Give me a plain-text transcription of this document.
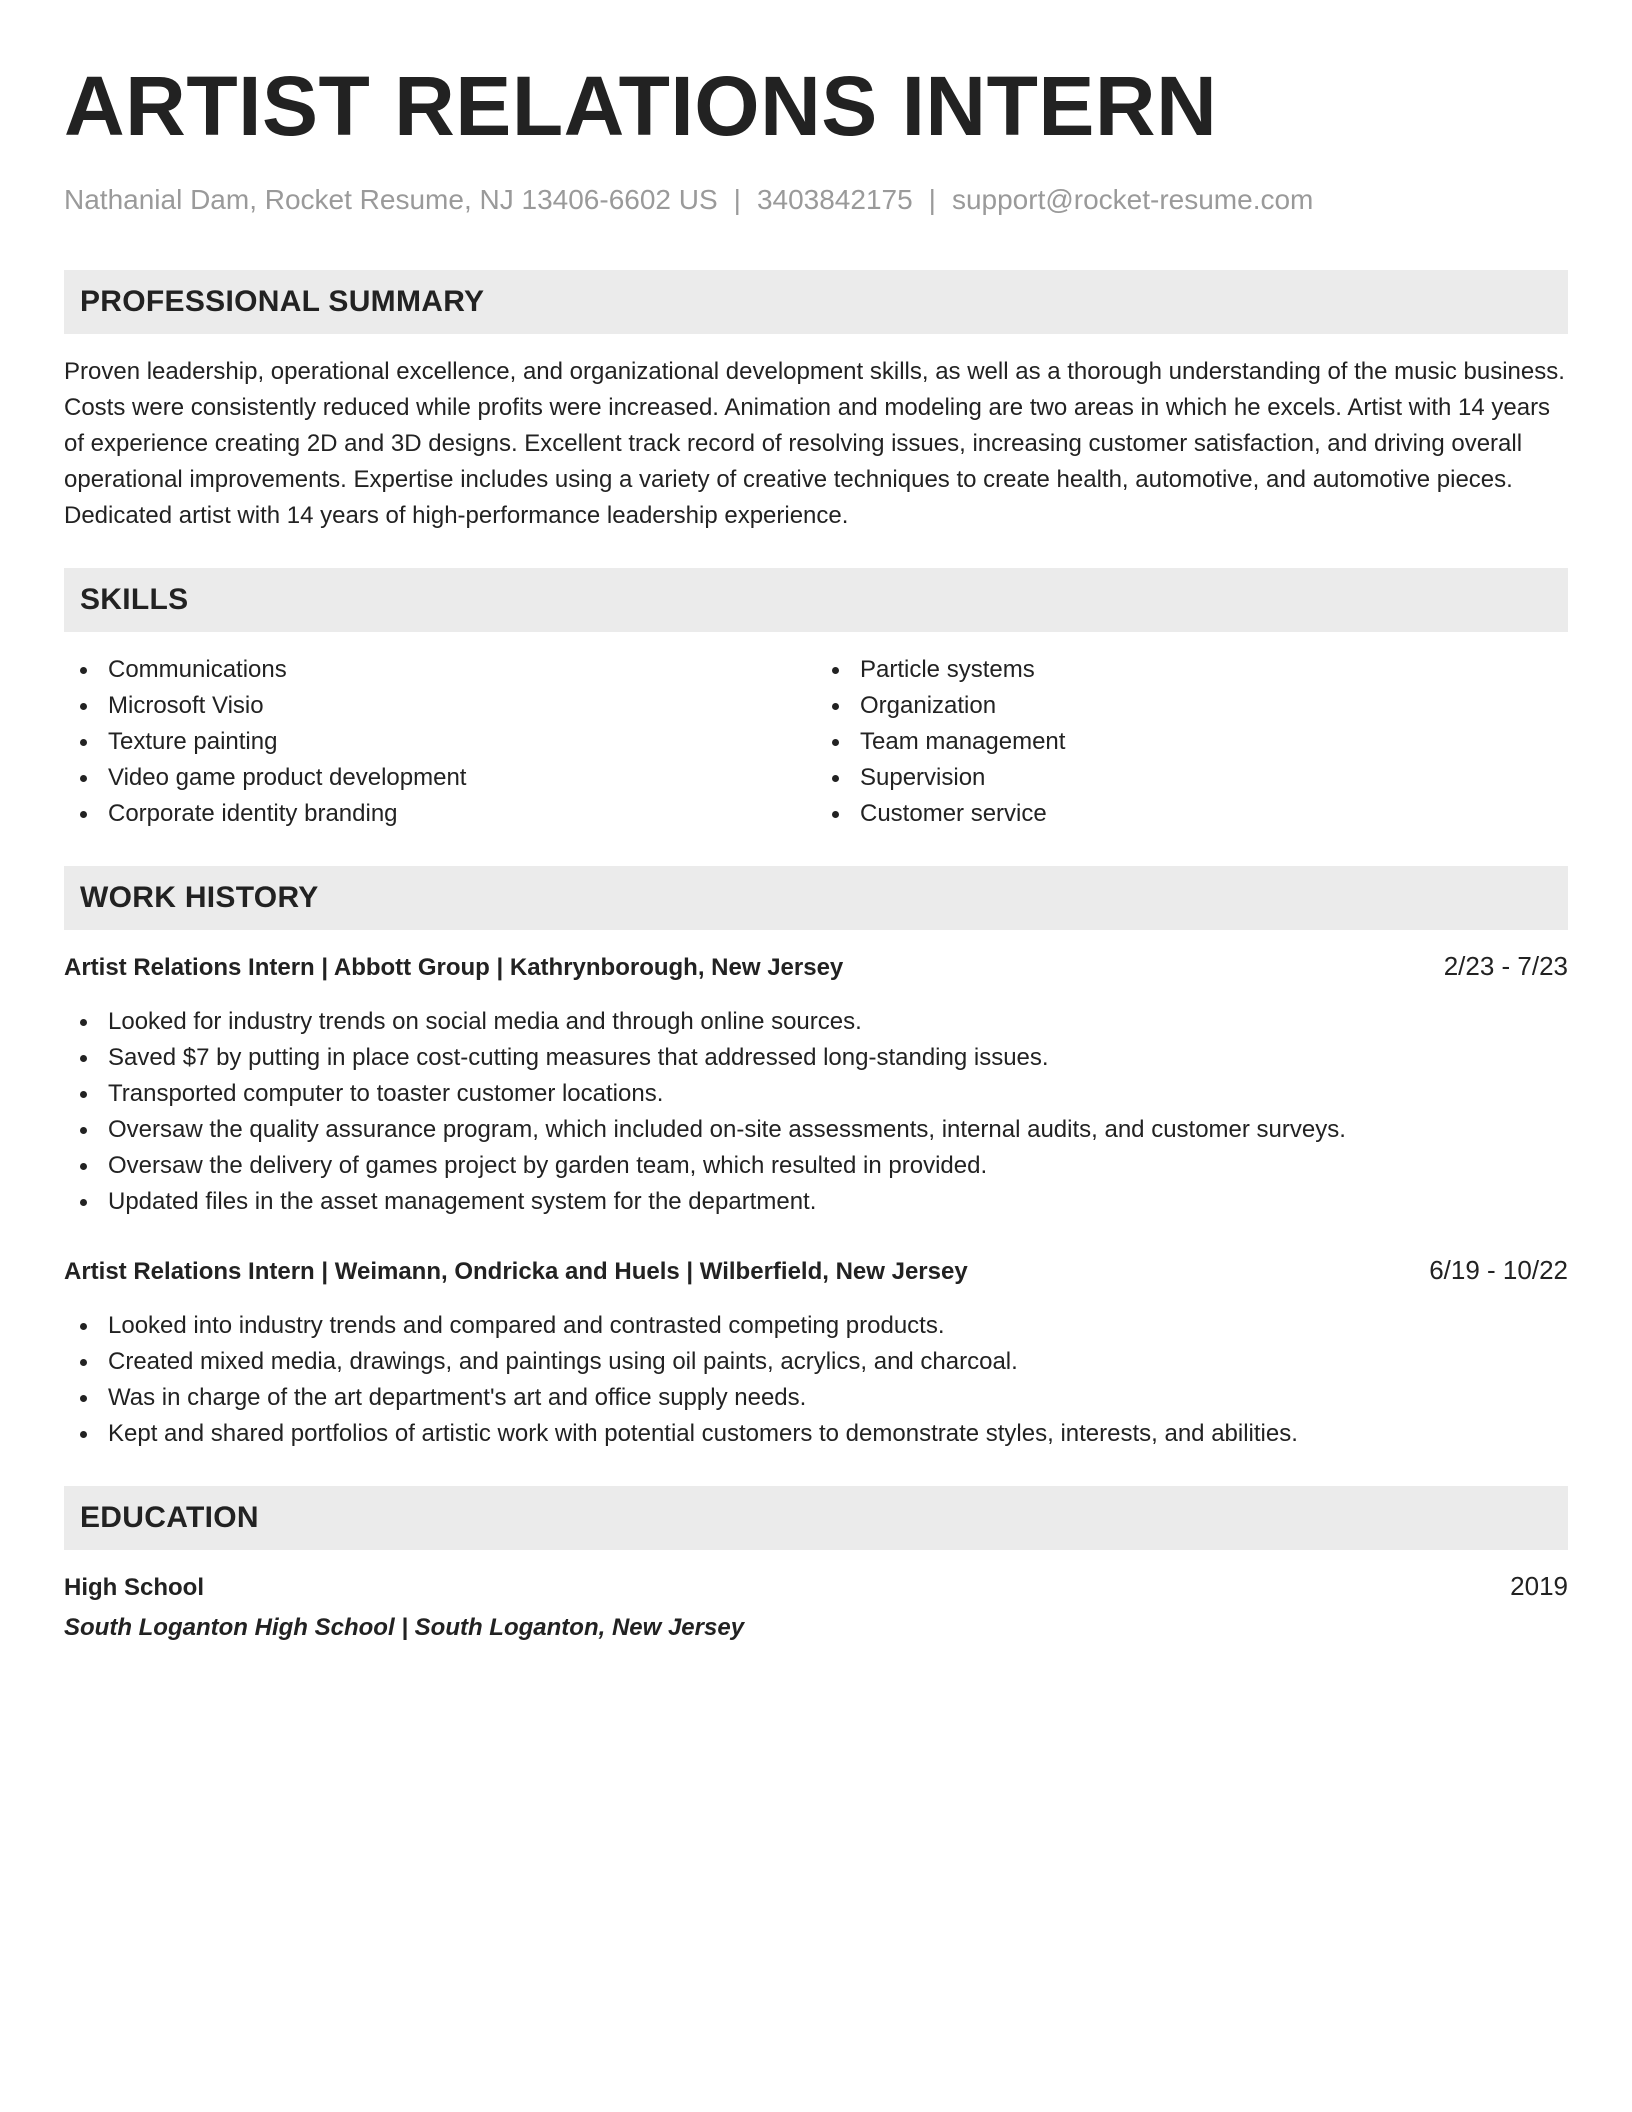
ARTIST RELATIONS INTERN
Nathanial Dam, Rocket Resume, NJ 13406-6602 US | 3403842175 | support@rocket-resume.com
PROFESSIONAL SUMMARY

Proven leadership, operational excellence, and organizational development skills, as well as a thorough understanding of the music business. Costs were consistently reduced while profits were increased. Animation and modeling are two areas in which he excels. Artist with 14 years of experience creating 2D and 3D designs. Excellent track record of resolving issues, increasing customer satisfaction, and driving overall operational improvements. Expertise includes using a variety of creative techniques to create health, automotive, and automotive pieces. Dedicated artist with 14 years of high-performance leadership experience.

SKILLS
Communications
Microsoft Visio
Texture painting
Video game product development
Corporate identity branding
Particle systems
Organization
Team management
Supervision
Customer service
WORK HISTORY
Artist Relations Intern | Abbott Group | Kathrynborough, New Jersey	2/23 - 7/23
Looked for industry trends on social media and through online sources.
Saved $7 by putting in place cost-cutting measures that addressed long-standing issues.
Transported computer to toaster customer locations.
Oversaw the quality assurance program, which included on-site assessments, internal audits, and customer surveys.
Oversaw the delivery of games project by garden team, which resulted in provided.
Updated files in the asset management system for the department.
Artist Relations Intern | Weimann, Ondricka and Huels | Wilberfield, New Jersey	6/19 - 10/22
Looked into industry trends and compared and contrasted competing products.
Created mixed media, drawings, and paintings using oil paints, acrylics, and charcoal.
Was in charge of the art department's art and office supply needs.
Kept and shared portfolios of artistic work with potential customers to demonstrate styles, interests, and abilities.
EDUCATION
High School	2019
South Loganton High School | South Loganton, New Jersey
